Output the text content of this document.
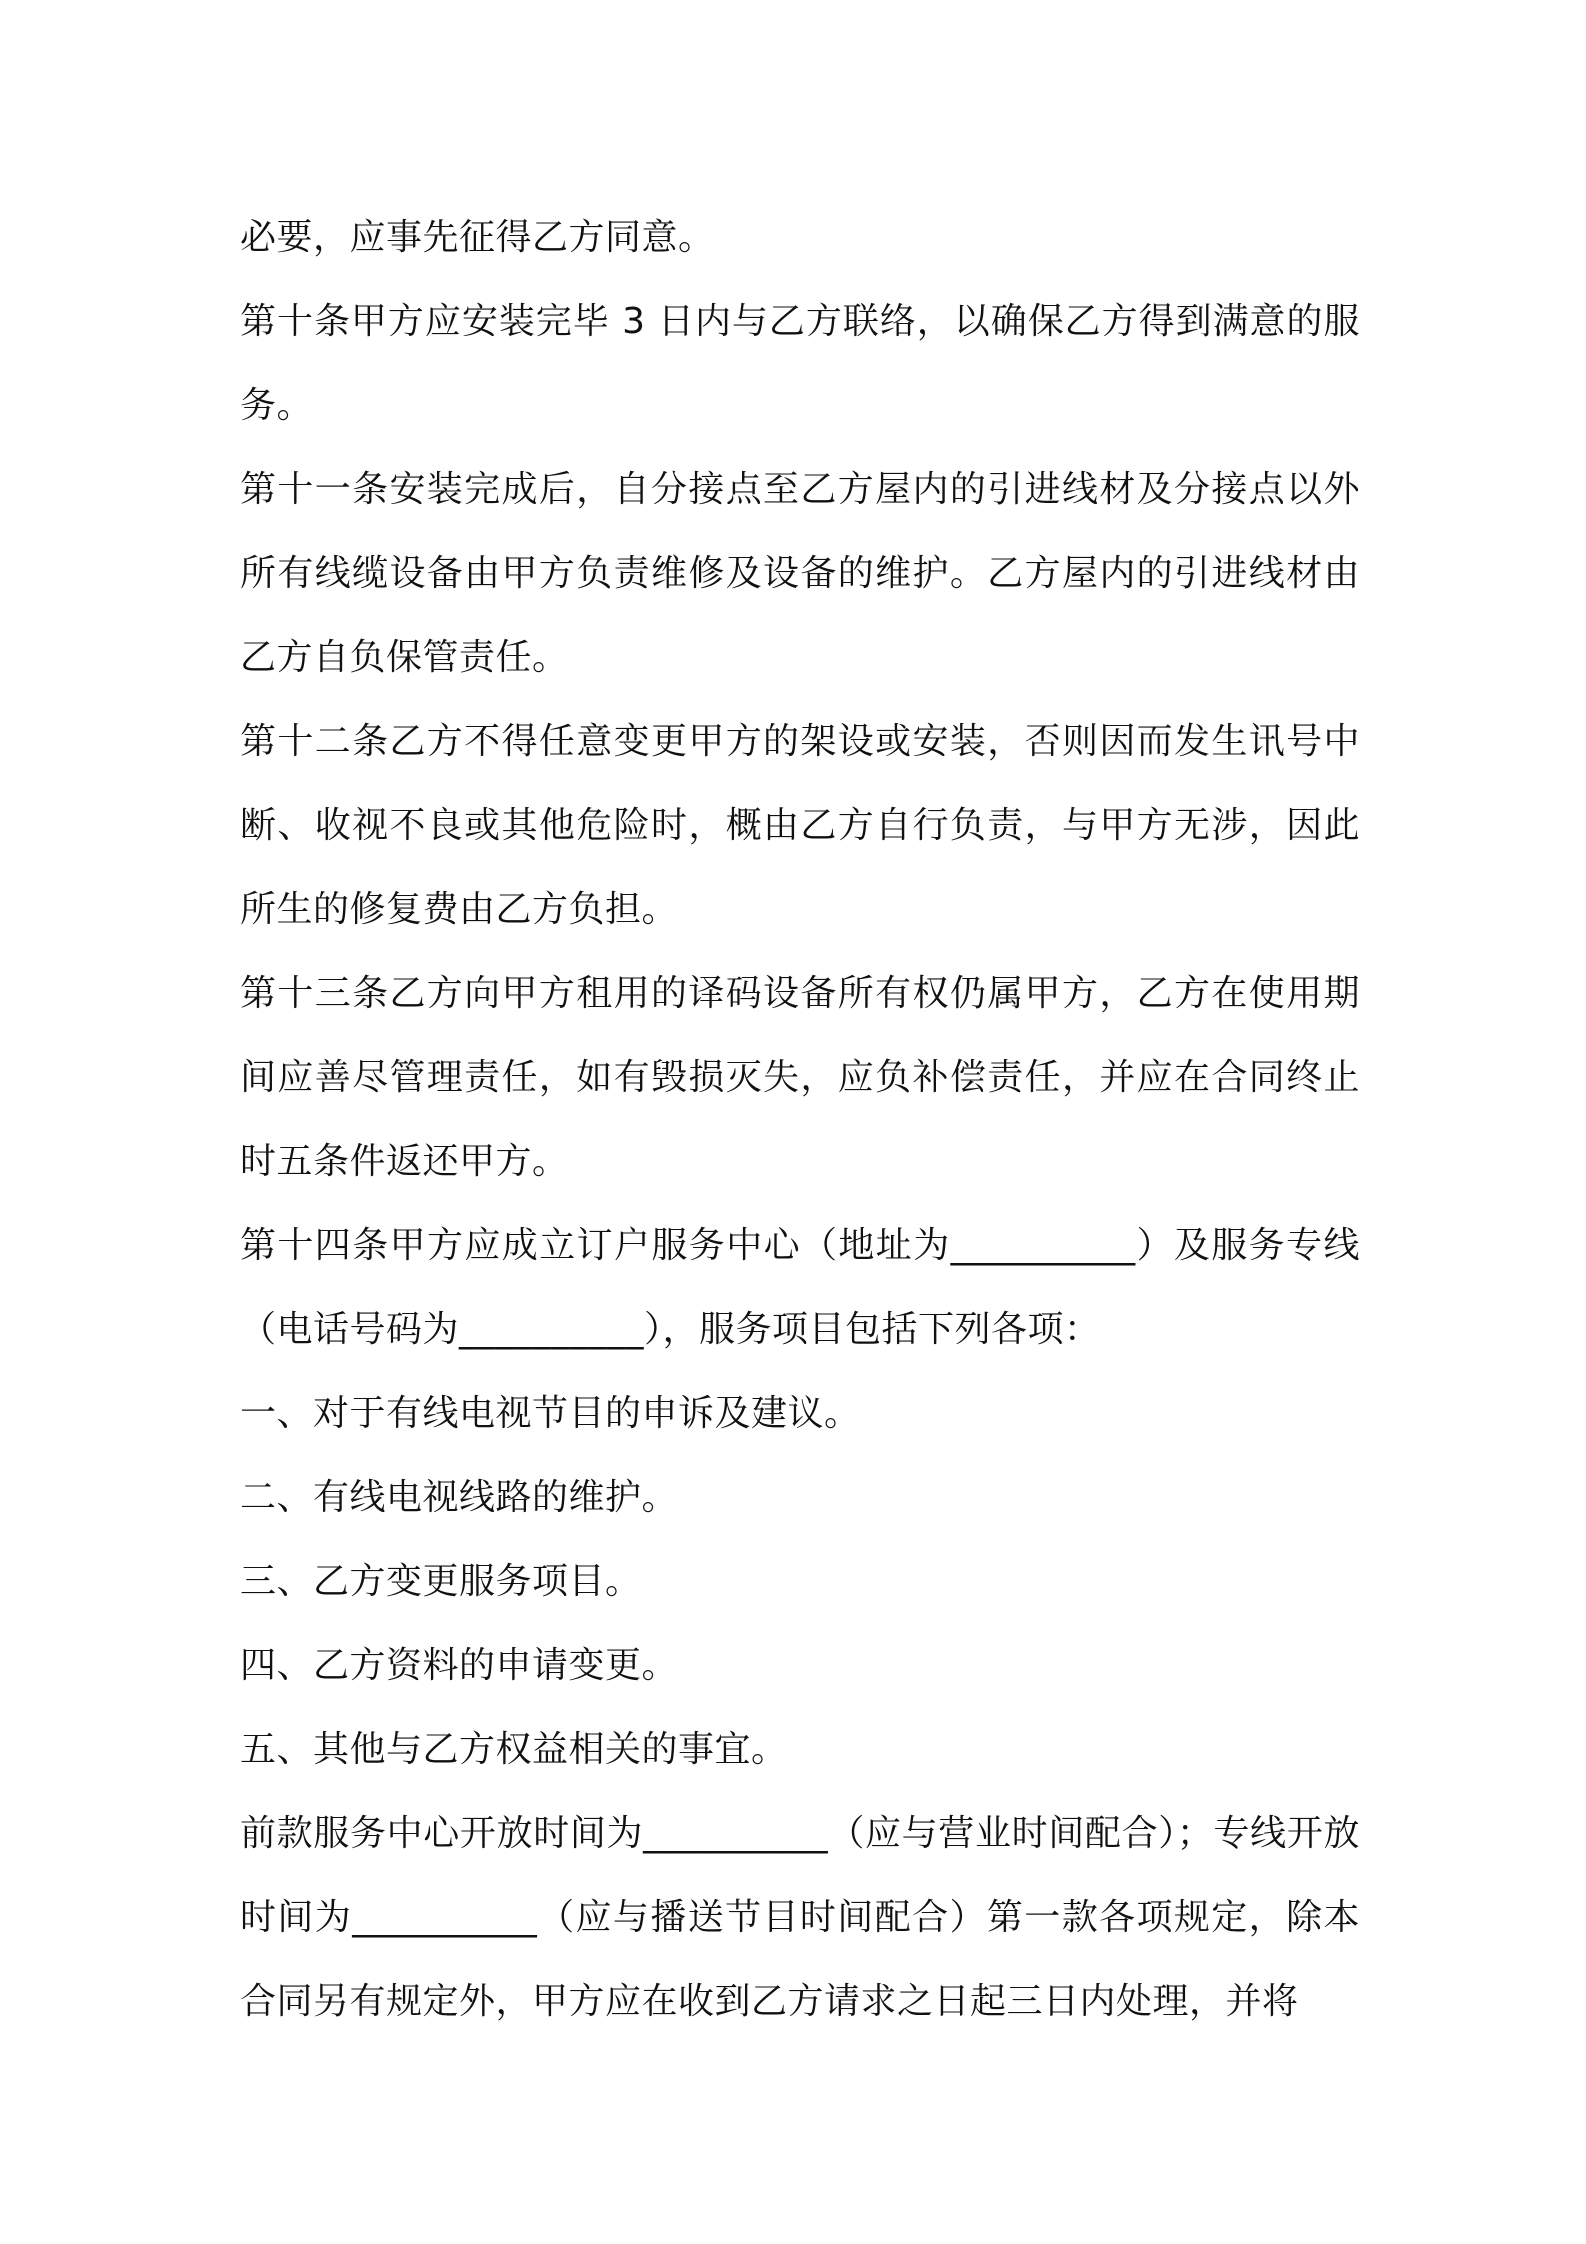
必要，应事先征得乙方同意。

第十条甲方应安装完毕 3 日内与乙方联络，以确保乙方得到满意的服务。

第十一条安装完成后，自分接点至乙方屋内的引进线材及分接点以外所有线缆设备由甲方负责维修及设备的维护。乙方屋内的引进线材由乙方自负保管责任。

第十二条乙方不得任意变更甲方的架设或安装，否则因而发生讯号中断、收视不良或其他危险时，概由乙方自行负责，与甲方无涉，因此所生的修复费由乙方负担。

第十三条乙方向甲方租用的译码设备所有权仍属甲方，乙方在使用期间应善尽管理责任，如有毁损灭失，应负补偿责任，并应在合同终止时五条件返还甲方。

第十四条甲方应成立订户服务中心（地址为__________）及服务专线（电话号码为__________），服务项目包括下列各项：

一、对于有线电视节目的申诉及建议。

二、有线电视线路的维护。

三、乙方变更服务项目。

四、乙方资料的申请变更。

五、其他与乙方权益相关的事宜。

前款服务中心开放时间为__________（应与营业时间配合）；专线开放时间为__________（应与播送节目时间配合）第一款各项规定，除本合同另有规定外，甲方应在收到乙方请求之日起三日内处理，并将
